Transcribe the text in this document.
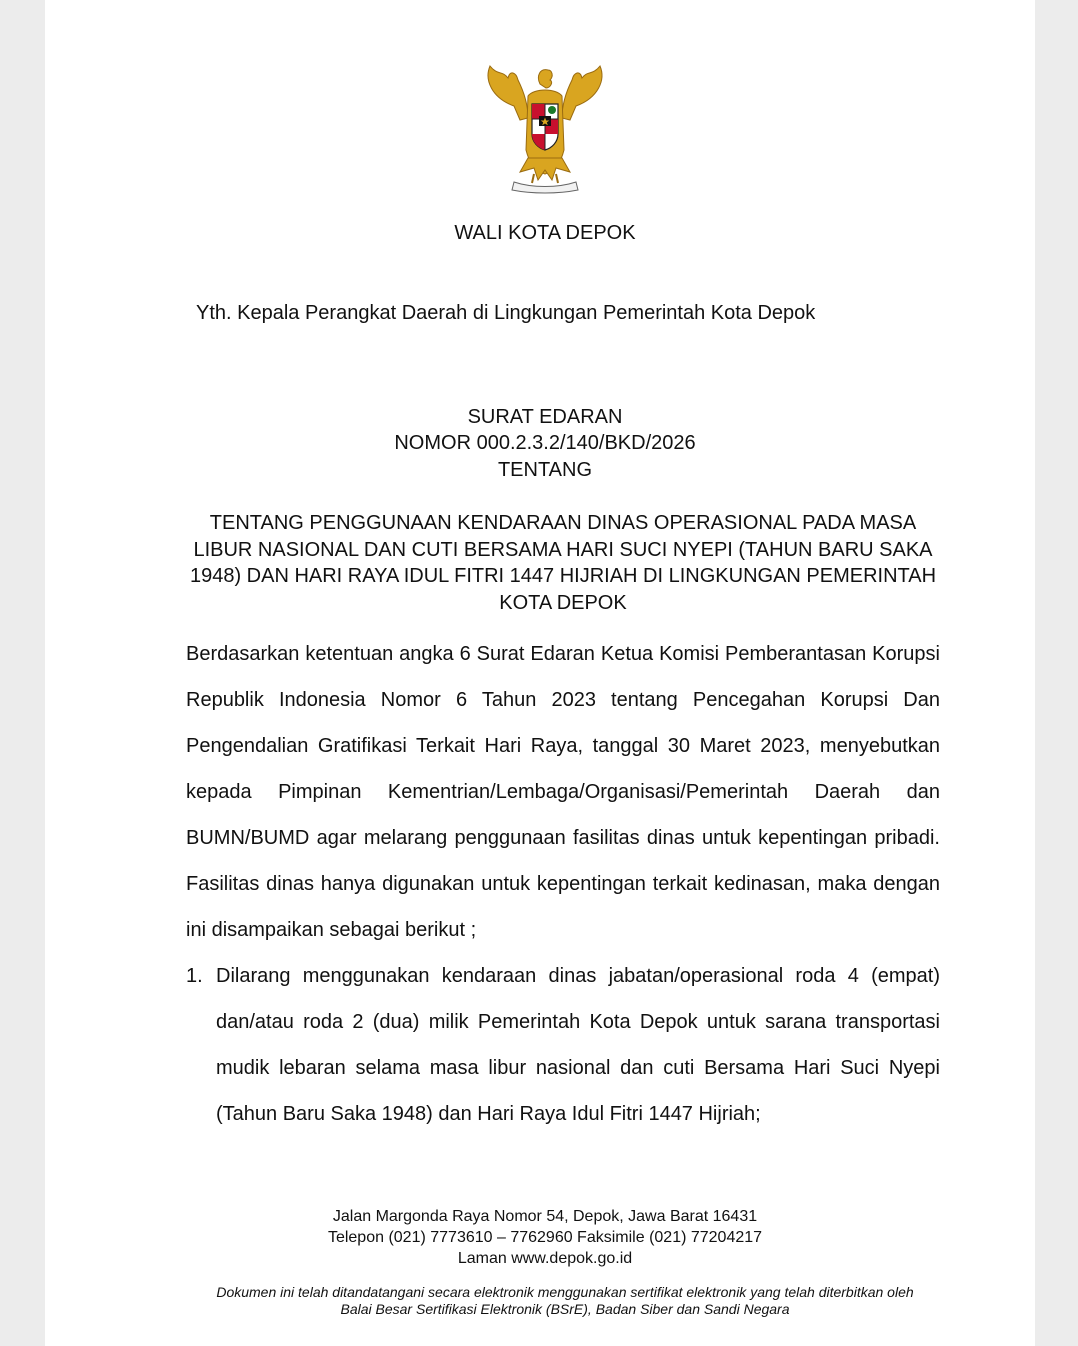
WALI KOTA DEPOK
Yth. Kepala Perangkat Daerah di Lingkungan Pemerintah Kota Depok
SURAT EDARAN
NOMOR 000.2.3.2/140/BKD/2026
TENTANG
TENTANG PENGGUNAAN KENDARAAN DINAS OPERASIONAL PADA MASA
LIBUR NASIONAL DAN CUTI BERSAMA HARI SUCI NYEPI (TAHUN BARU SAKA
1948) DAN HARI RAYA IDUL FITRI 1447 HIJRIAH DI LINGKUNGAN PEMERINTAH
KOTA DEPOK

Berdasarkan ketentuan angka 6 Surat Edaran Ketua Komisi Pemberantasan Korupsi Republik Indonesia Nomor 6 Tahun 2023 tentang Pencegahan Korupsi Dan Pengendalian Gratifikasi Terkait Hari Raya, tanggal 30 Maret 2023, menyebutkan kepada Pimpinan Kementrian/Lembaga/Organisasi/Pemerintah Daerah dan BUMN/BUMD agar melarang penggunaan fasilitas dinas untuk kepentingan pribadi. Fasilitas dinas hanya digunakan untuk kepentingan terkait kedinasan, maka dengan ini disampaikan sebagai berikut ;

1. Dilarang menggunakan kendaraan dinas jabatan/operasional roda 4 (empat) dan/atau roda 2 (dua) milik Pemerintah Kota Depok untuk sarana transportasi mudik lebaran selama masa libur nasional dan cuti Bersama Hari Suci Nyepi (Tahun Baru Saka 1948) dan Hari Raya Idul Fitri 1447 Hijriah;

Jalan Margonda Raya Nomor 54, Depok, Jawa Barat 16431
Telepon (021) 7773610 – 7762960 Faksimile (021) 77204217
Laman www.depok.go.id
Dokumen ini telah ditandatangani secara elektronik menggunakan sertifikat elektronik yang telah diterbitkan oleh
Balai Besar Sertifikasi Elektronik (BSrE), Badan Siber dan Sandi Negara
